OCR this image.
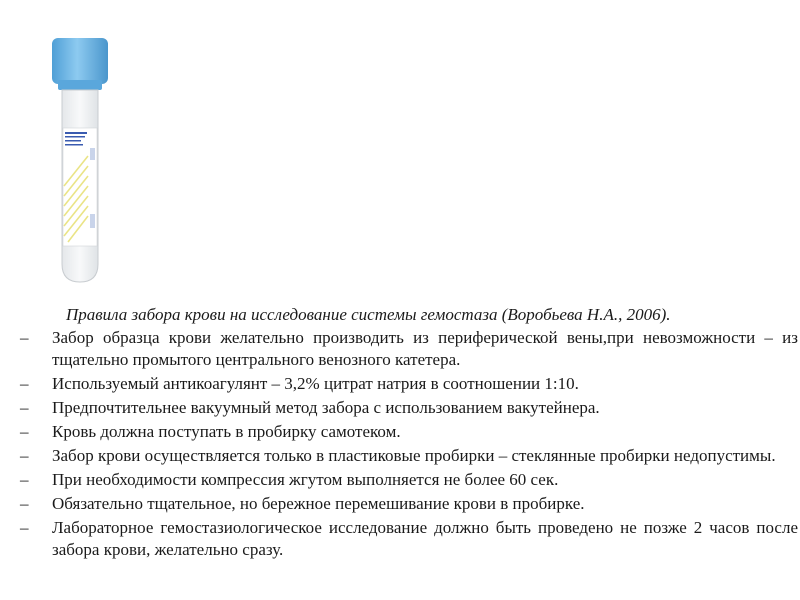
Правила забора крови на исследование системы гемостаза (Воробьева Н.А., 2006).
–	Забор образца крови желательно производить из периферической вены,при невозможности – из тщательно промытого центрального венозного катетера.
–	Используемый антикоагулянт – 3,2% цитрат натрия в соотношении 1:10.
–	Предпочтительнее вакуумный метод забора с использованием вакутейнера.
–	Кровь должна поступать в пробирку самотеком.
–	Забор крови осуществляется только в пластиковые пробирки – стеклянные пробирки недопустимы.
–	При необходимости компрессия жгутом выполняется не более 60 сек.
–	Обязательно тщательное, но бережное перемешивание крови в пробирке.
–	Лабораторное гемостазиологическое исследование должно быть проведено не позже 2 часов после забора крови, желательно сразу.
